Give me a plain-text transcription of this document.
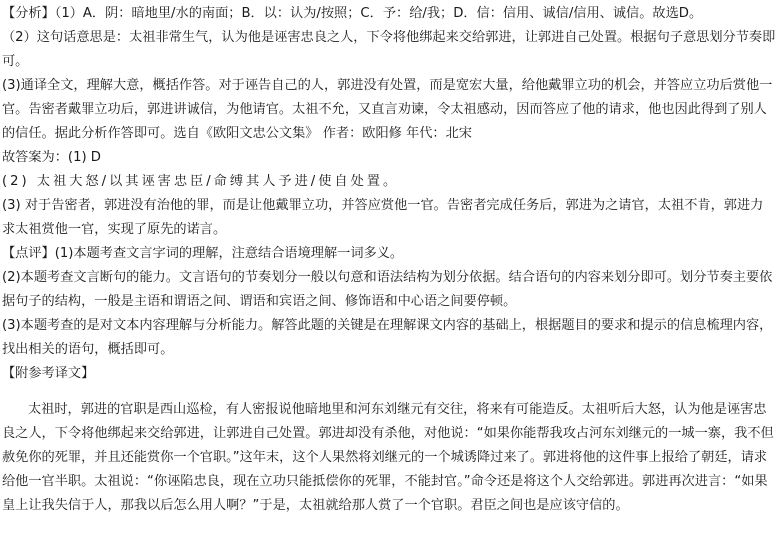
【分析】（1）A．阴：暗地里/水的南面；B．以：认为/按照；C．予：给/我；D．信：信用、诚信/信用、诚信。故选D。

（2）这句话意思是：太祖非常生气，认为他是诬害忠良之人，下令将他绑起来交给郭进，让郭进自己处置。根据句子意思划分节奏即可。

(3)通译全文，理解大意，概括作答。对于诬告自己的人，郭进没有处置，而是宽宏大量，给他戴罪立功的机会，并答应立功后赏他一官。告密者戴罪立功后，郭进讲诚信，为他请官。太祖不允，又直言劝谏，令太祖感动，因而答应了他的请求，他也因此得到了别人的信任。据此分析作答即可。选自《欧阳文忠公文集》 作者：欧阳修 年代：北宋

故答案为：(1) D

(2) 太祖大怒/以其诬害忠臣/命缚其人予进/使自处置。

(3) 对于告密者，郭进没有治他的罪，而是让他戴罪立功，并答应赏他一官。告密者完成任务后，郭进为之请官，太祖不肯，郭进力求太祖赏他一官，实现了原先的诺言。

【点评】(1)本题考查文言字词的理解，注意结合语境理解一词多义。

(2)本题考查文言断句的能力。文言语句的节奏划分一般以句意和语法结构为划分依据。结合语句的内容来划分即可。划分节奏主要依据句子的结构，一般是主语和谓语之间、谓语和宾语之间、修饰语和中心语之间要停顿。

(3)本题考查的是对文本内容理解与分析能力。解答此题的关键是在理解课文内容的基础上，根据题目的要求和提示的信息梳理内容，找出相关的语句，概括即可。

【附参考译文】

太祖时，郭进的官职是西山巡检，有人密报说他暗地里和河东刘继元有交往，将来有可能造反。太祖听后大怒，认为他是诬害忠良之人，下令将他绑起来交给郭进，让郭进自己处置。郭进却没有杀他，对他说：“如果你能帮我攻占河东刘继元的一城一寨，我不但赦免你的死罪，并且还能赏你一个官职。”这年末，这个人果然将刘继元的一个城诱降过来了。郭进将他的这件事上报给了朝廷，请求给他一官半职。太祖说：“你诬陷忠良，现在立功只能抵偿你的死罪，不能封官。”命令还是将这个人交给郭进。郭进再次进言：“如果皇上让我失信于人，那我以后怎么用人啊？”于是，太祖就给那人赏了一个官职。君臣之间也是应该守信的。
